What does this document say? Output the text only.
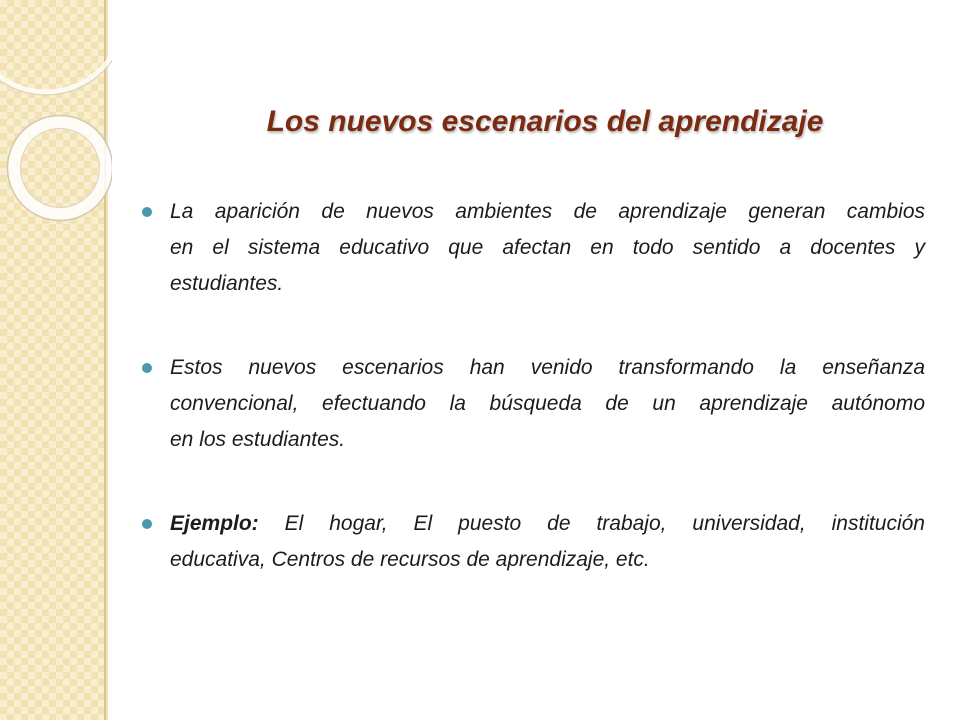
Los nuevos escenarios del aprendizaje
La aparición de nuevos ambientes de aprendizaje generan cambios
en el sistema educativo que afectan en todo sentido a docentes y
estudiantes.
Estos nuevos escenarios han venido transformando la enseñanza
convencional, efectuando la búsqueda de un aprendizaje autónomo
en los estudiantes.
Ejemplo: El hogar, El puesto de trabajo, universidad, institución
educativa, Centros de recursos de aprendizaje, etc.
